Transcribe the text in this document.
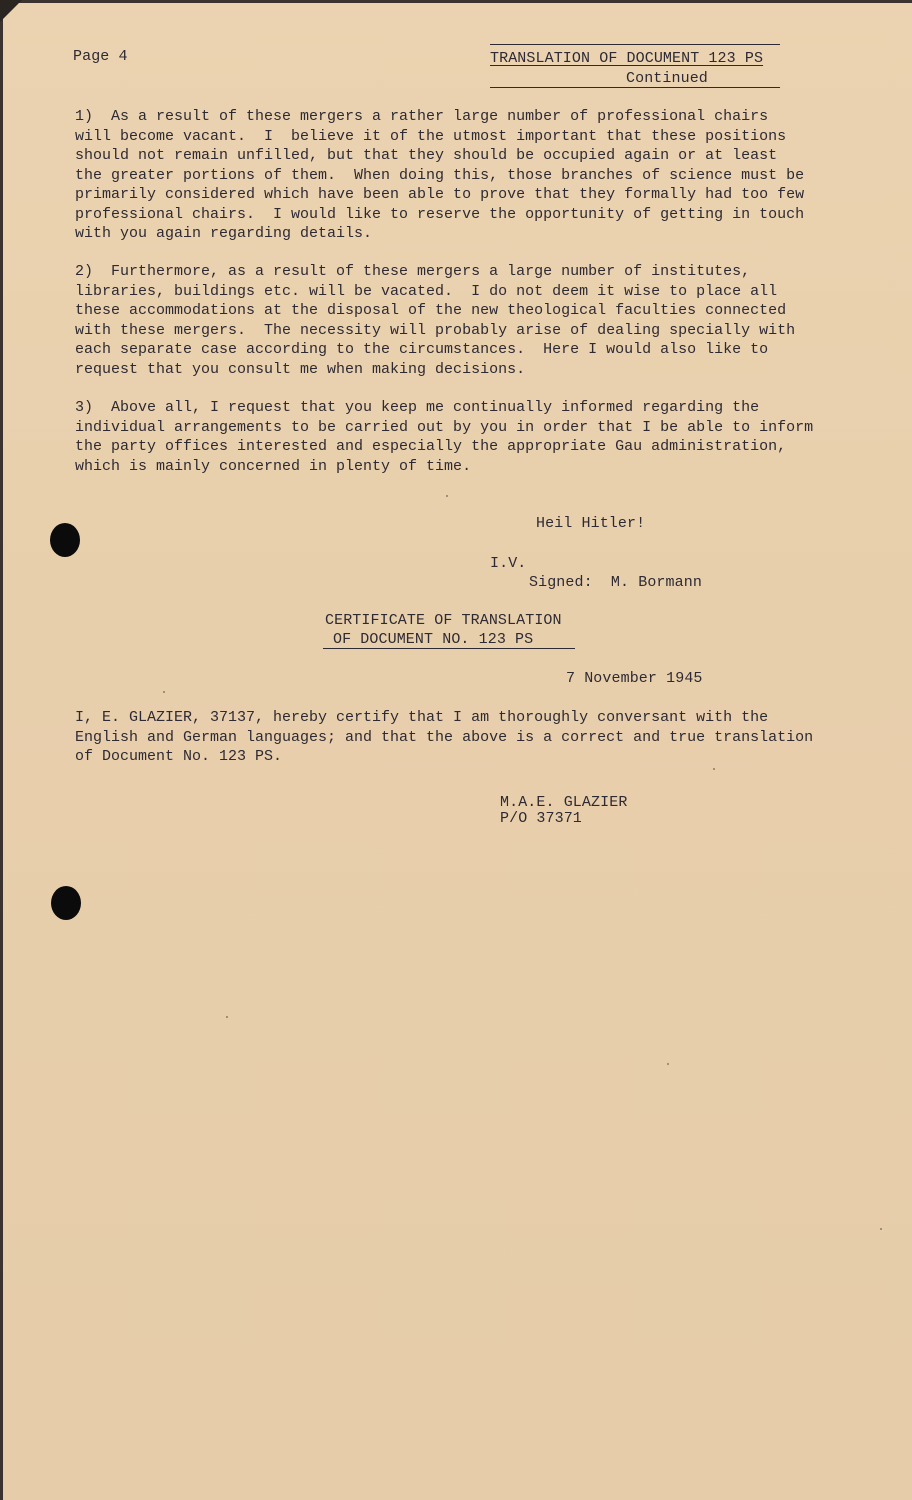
Page 4	TRANSLATION OF DOCUMENT 123 PS
Continued
1)  As a result of these mergers a rather large number of professional chairs
will become vacant.  I  believe it of the utmost important that these positions
should not remain unfilled, but that they should be occupied again or at least
the greater portions of them.  When doing this, those branches of science must be
primarily considered which have been able to prove that they formally had too few
professional chairs.  I would like to reserve the opportunity of getting in touch
with you again regarding details.
2)  Furthermore, as a result of these mergers a large number of institutes,
libraries, buildings etc. will be vacated.  I do not deem it wise to place all
these accommodations at the disposal of the new theological faculties connected
with these mergers.  The necessity will probably arise of dealing specially with
each separate case according to the circumstances.  Here I would also like to
request that you consult me when making decisions.
3)  Above all, I request that you keep me continually informed regarding the
individual arrangements to be carried out by you in order that I be able to inform
the party offices interested and especially the appropriate Gau administration,
which is mainly concerned in plenty of time.
Heil Hitler!
I.V.
Signed:  M. Bormann
CERTIFICATE OF TRANSLATION
OF DOCUMENT NO. 123 PS
7 November 1945
I, E. GLAZIER, 37137, hereby certify that I am thoroughly conversant with the
English and German languages; and that the above is a correct and true translation
of Document No. 123 PS.
M.A.E. GLAZIER
P/O 37371
